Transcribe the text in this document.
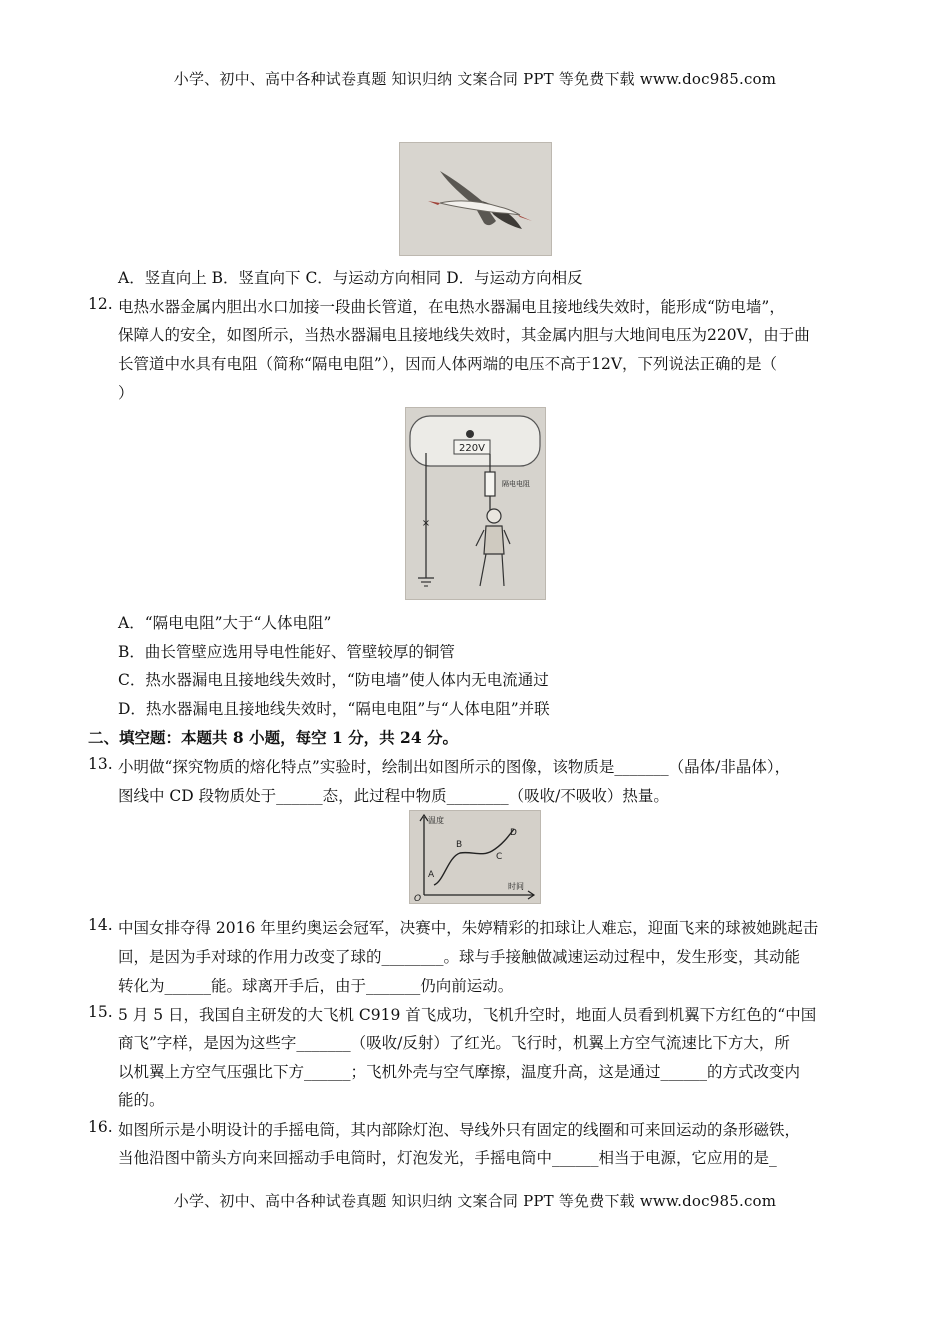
小学、初中、高中各种试卷真题 知识归纳 文案合同 PPT 等免费下载 www.doc985.com
A．竖直向上 B．竖直向下 C．与运动方向相同 D．与运动方向相反
12. 电热水器金属内胆出水口加接一段曲长管道，在电热水器漏电且接地线失效时，能形成“防电墙”，
保障人的安全，如图所示，当热水器漏电且接地线失效时，其金属内胆与大地间电压为220V，由于曲
长管道中水具有电阻（简称“隔电电阻”），因而人体两端的电压不高于12V，下列说法正确的是（
）
220V
×
隔电电阻
A．“隔电电阻”大于“人体电阻”
B．曲长管壁应选用导电性能好、管壁较厚的铜管
C．热水器漏电且接地线失效时，“防电墙”使人体内无电流通过
D．热水器漏电且接地线失效时，“隔电电阻”与“人体电阻”并联
二、填空题：本题共 8 小题，每空 1 分，共 24 分。
13. 小明做“探究物质的熔化特点”实验时，绘制出如图所示的图像，该物质是_______（晶体/非晶体），
图线中 CD 段物质处于______态，此过程中物质________（吸收/不吸收）热量。
温度
时间
O
A
B
C
D
14. 中国女排夺得 2016 年里约奥运会冠军，决赛中，朱婷精彩的扣球让人难忘，迎面飞来的球被她跳起击
回，是因为手对球的作用力改变了球的________。球与手接触做减速运动过程中，发生形变，其动能
转化为______能。球离开手后，由于_______仍向前运动。
15. 5 月 5 日，我国自主研发的大飞机 C919 首飞成功，飞机升空时，地面人员看到机翼下方红色的“中国
商飞”字样，是因为这些字_______（吸收/反射）了红光。飞行时，机翼上方空气流速比下方大，所
以机翼上方空气压强比下方______；飞机外壳与空气摩擦，温度升高，这是通过______的方式改变内
能的。
16. 如图所示是小明设计的手摇电筒，其内部除灯泡、导线外只有固定的线圈和可来回运动的条形磁铁，
当他沿图中箭头方向来回摇动手电筒时，灯泡发光，手摇电筒中______相当于电源，它应用的是_
小学、初中、高中各种试卷真题 知识归纳 文案合同 PPT 等免费下载 www.doc985.com
